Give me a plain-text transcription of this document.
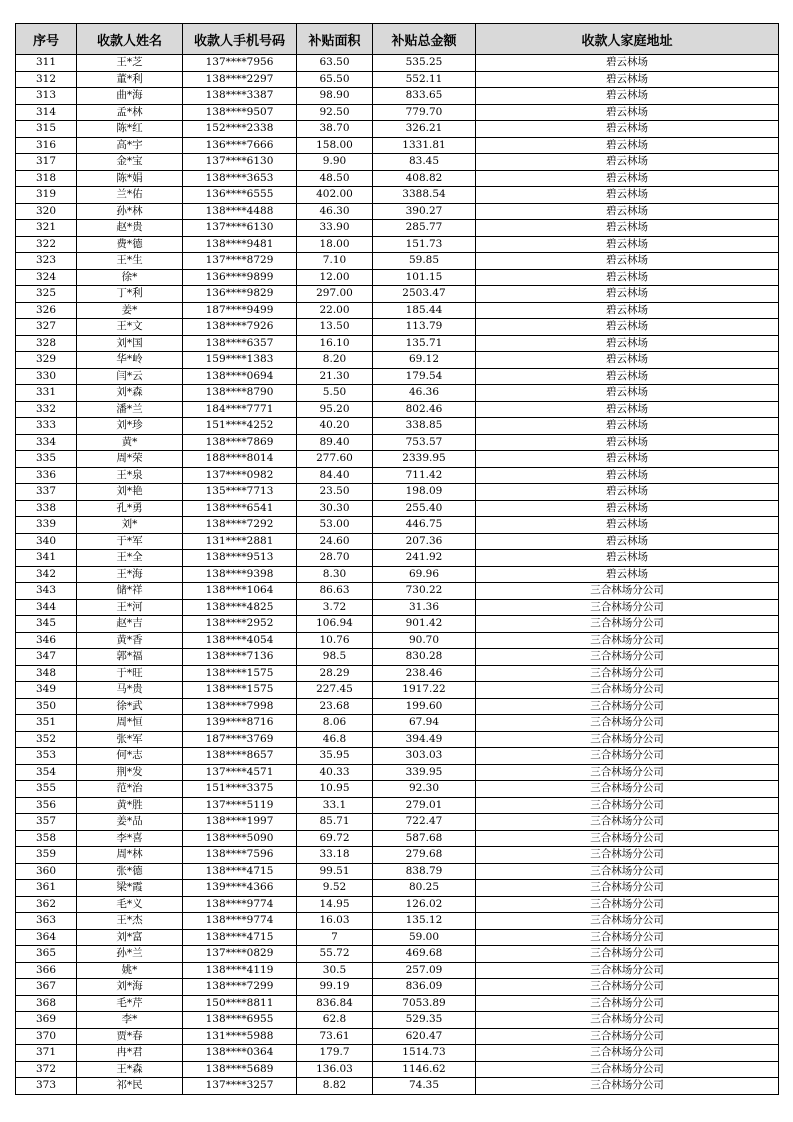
序号	收款人姓名	收款人手机号码	补贴面积	补贴总金额	收款人家庭地址
311	王*芝	137****7956	63.50	535.25	碧云林场
312	董*利	138****2297	65.50	552.11	碧云林场
313	曲*海	138****3387	98.90	833.65	碧云林场
314	孟*林	138****9507	92.50	779.70	碧云林场
315	陈*红	152****2338	38.70	326.21	碧云林场
316	高*宇	136****7666	158.00	1331.81	碧云林场
317	金*宝	137****6130	9.90	83.45	碧云林场
318	陈*娟	138****3653	48.50	408.82	碧云林场
319	兰*佑	136****6555	402.00	3388.54	碧云林场
320	孙*林	138****4488	46.30	390.27	碧云林场
321	赵*贵	137****6130	33.90	285.77	碧云林场
322	费*德	138****9481	18.00	151.73	碧云林场
323	王*生	137****8729	7.10	59.85	碧云林场
324	徐*	136****9899	12.00	101.15	碧云林场
325	丁*利	136****9829	297.00	2503.47	碧云林场
326	姜*	187****9499	22.00	185.44	碧云林场
327	王*文	138****7926	13.50	113.79	碧云林场
328	刘*国	138****6357	16.10	135.71	碧云林场
329	华*岭	159****1383	8.20	69.12	碧云林场
330	闫*云	138****0694	21.30	179.54	碧云林场
331	刘*森	138****8790	5.50	46.36	碧云林场
332	潘*兰	184****7771	95.20	802.46	碧云林场
333	刘*珍	151****4252	40.20	338.85	碧云林场
334	黄*	138****7869	89.40	753.57	碧云林场
335	周*荣	188****8014	277.60	2339.95	碧云林场
336	王*泉	137****0982	84.40	711.42	碧云林场
337	刘*艳	135****7713	23.50	198.09	碧云林场
338	孔*勇	138****6541	30.30	255.40	碧云林场
339	刘*	138****7292	53.00	446.75	碧云林场
340	于*军	131****2881	24.60	207.36	碧云林场
341	王*全	138****9513	28.70	241.92	碧云林场
342	王*海	138****9398	8.30	69.96	碧云林场
343	储*祥	138****1064	86.63	730.22	三合林场分公司
344	王*河	138****4825	3.72	31.36	三合林场分公司
345	赵*吉	138****2952	106.94	901.42	三合林场分公司
346	黄*香	138****4054	10.76	90.70	三合林场分公司
347	郭*福	138****7136	98.5	830.28	三合林场分公司
348	于*旺	138****1575	28.29	238.46	三合林场分公司
349	马*贵	138****1575	227.45	1917.22	三合林场分公司
350	徐*武	138****7998	23.68	199.60	三合林场分公司
351	周*恒	139****8716	8.06	67.94	三合林场分公司
352	张*军	187****3769	46.8	394.49	三合林场分公司
353	何*志	138****8657	35.95	303.03	三合林场分公司
354	荆*发	137****4571	40.33	339.95	三合林场分公司
355	范*治	151****3375	10.95	92.30	三合林场分公司
356	黄*胜	137****5119	33.1	279.01	三合林场分公司
357	姜*品	138****1997	85.71	722.47	三合林场分公司
358	李*喜	138****5090	69.72	587.68	三合林场分公司
359	周*林	138****7596	33.18	279.68	三合林场分公司
360	张*德	138****4715	99.51	838.79	三合林场分公司
361	梁*霞	139****4366	9.52	80.25	三合林场分公司
362	毛*义	138****9774	14.95	126.02	三合林场分公司
363	王*杰	138****9774	16.03	135.12	三合林场分公司
364	刘*富	138****4715	7	59.00	三合林场分公司
365	孙*兰	137****0829	55.72	469.68	三合林场分公司
366	姚*	138****4119	30.5	257.09	三合林场分公司
367	刘*海	138****7299	99.19	836.09	三合林场分公司
368	毛*芹	150****8811	836.84	7053.89	三合林场分公司
369	李*	138****6955	62.8	529.35	三合林场分公司
370	贾*春	131****5988	73.61	620.47	三合林场分公司
371	冉*君	138****0364	179.7	1514.73	三合林场分公司
372	王*森	138****5689	136.03	1146.62	三合林场分公司
373	祁*民	137****3257	8.82	74.35	三合林场分公司
